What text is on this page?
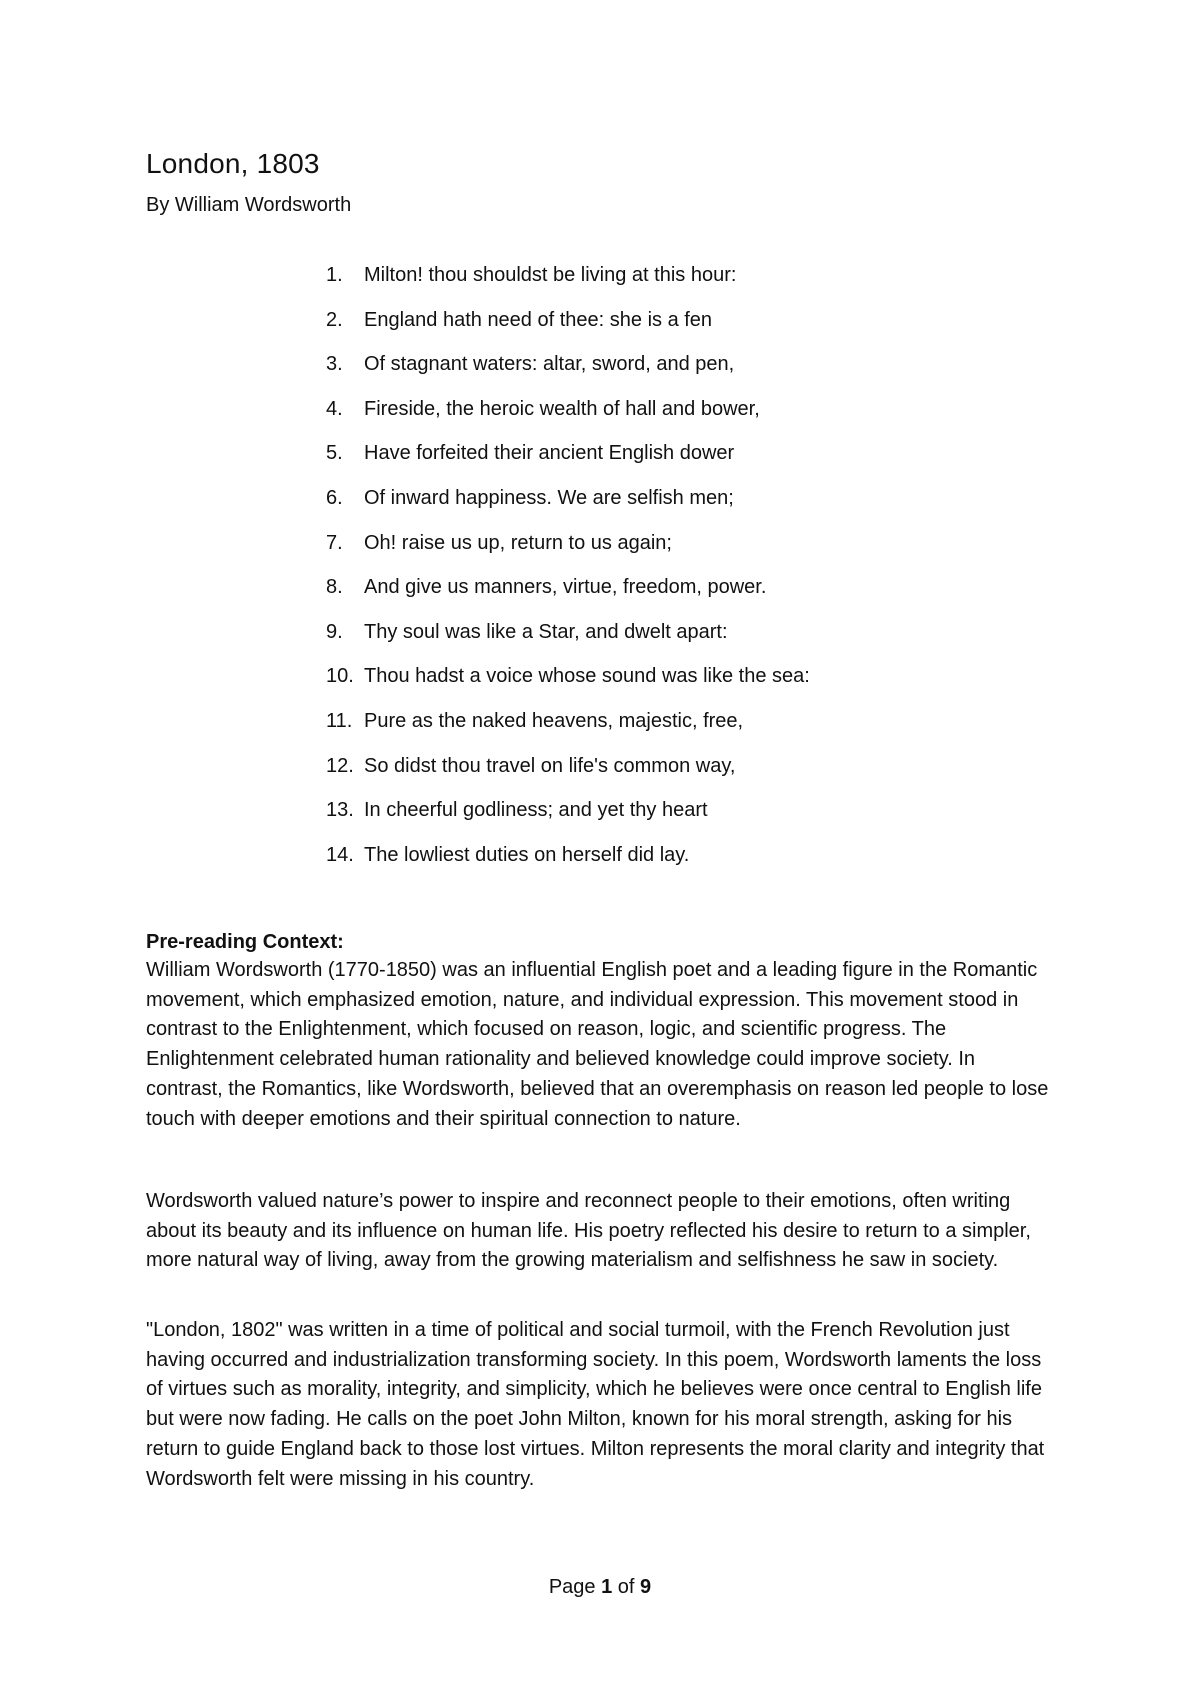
London, 1803

By William Wordsworth

1.	Milton! thou shouldst be living at this hour:
2.	England hath need of thee: she is a fen
3.	Of stagnant waters: altar, sword, and pen,
4.	Fireside, the heroic wealth of hall and bower,
5.	Have forfeited their ancient English dower
6.	Of inward happiness. We are selfish men;
7.	Oh! raise us up, return to us again;
8.	And give us manners, virtue, freedom, power.
9.	Thy soul was like a Star, and dwelt apart:
10. Thou hadst a voice whose sound was like the sea:
11. Pure as the naked heavens, majestic, free,
12. So didst thou travel on life's common way,
13. In cheerful godliness; and yet thy heart
14. The lowliest duties on herself did lay.

Pre-reading Context:

William Wordsworth (1770-1850) was an influential English poet and a leading figure in the Romantic movement, which emphasized emotion, nature, and individual expression. This movement stood in contrast to the Enlightenment, which focused on reason, logic, and scientific progress. The Enlightenment celebrated human rationality and believed knowledge could improve society. In contrast, the Romantics, like Wordsworth, believed that an overemphasis on reason led people to lose touch with deeper emotions and their spiritual connection to nature.

Wordsworth valued nature’s power to inspire and reconnect people to their emotions, often writing about its beauty and its influence on human life. His poetry reflected his desire to return to a simpler, more natural way of living, away from the growing materialism and selfishness he saw in society.

"London, 1802" was written in a time of political and social turmoil, with the French Revolution just having occurred and industrialization transforming society. In this poem, Wordsworth laments the loss of virtues such as morality, integrity, and simplicity, which he believes were once central to English life but were now fading. He calls on the poet John Milton, known for his moral strength, asking for his return to guide England back to those lost virtues. Milton represents the moral clarity and integrity that Wordsworth felt were missing in his country.

Page 1 of 9
